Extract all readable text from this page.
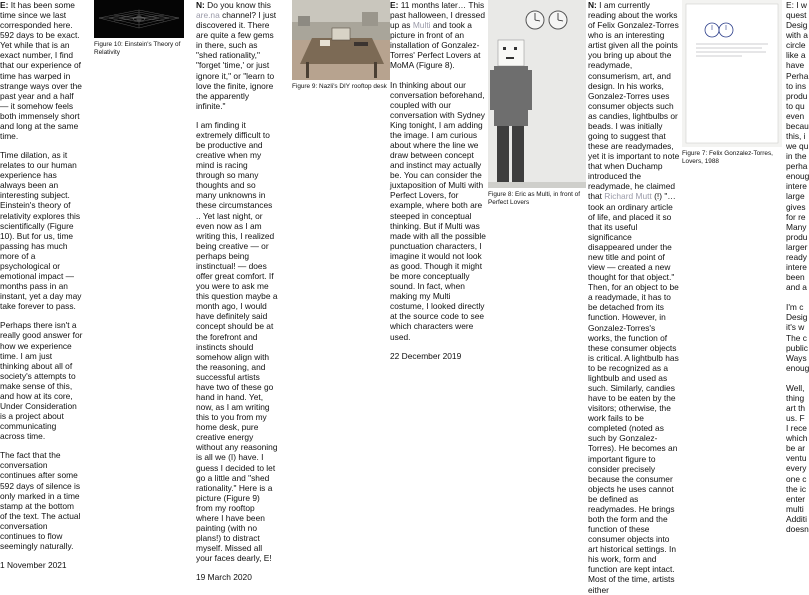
E: It has been some time since we last corresponded here. 592 days to be exact. Yet while that is an exact number, I find that our experience of time has warped in strange ways over the past year and a half — it somehow feels both immensely short and long at the same time.

Time dilation, as it relates to our human experience has always been an interesting subject. Einstein's theory of relativity explores this scientifically (Figure 10). But for us, time passing has much more of a psychological or emotional impact — months pass in an instant, yet a day may take forever to pass.

Perhaps there isn't a really good answer for how we experience time. I am just thinking about all of society's attempts to make sense of this, and how at its core, Under Consideration is a project about communicating across time.

The fact that the conversation continues after some 592 days of silence is only marked in a time stamp at the bottom of the text. The actual conversation continues to flow seemingly naturally.

1 November 2021

Figure 10: Einstein's Theory of Relativity

N: Do you know this are.na channel? I just discovered it. There are quite a few gems in there, such as "shed rationality," "forget 'time,' or just ignore it," or "learn to love the finite, ignore the apparently infinite."

I am finding it extremely difficult to be productive and creative when my mind is racing through so many thoughts and so many unknowns in these circumstances .. Yet last night, or even now as I am writing this, I realized being creative — or perhaps being instinctual! — does offer great comfort. If you were to ask me this question maybe a month ago, I would have definitely said concept should be at the forefront and instincts should somehow align with the reasoning, and successful artists have two of these go hand in hand. Yet, now, as I am writing this to you from my home desk, pure creative energy without any reasoning is all we (I) have. I guess I decided to let go a little and "shed rationality." Here is a picture (Figure 9) from my rooftop where I have been painting (with no plans!) to distract myself. Missed all your faces dearly, E!

19 March 2020

Figure 9: Nazli's DIY rooftop desk

E: 11 months later… This past halloween, I dressed up as Multi and took a picture in front of an installation of Gonzalez-Torres' Perfect Lovers at MoMA (Figure 8).

In thinking about our conversation beforehand, coupled with our conversation with Sydney King tonight, I am adding the image. I am curious about where the line we draw between concept and instinct may actually be. You can consider the juxtaposition of Multi with Perfect Lovers, for example, where both are steeped in conceptual thinking. But if Multi was made with all the possible punctuation characters, I imagine it would not look as good. Though it might be more conceptually sound. In fact, when making my Multi costume, I looked directly at the source code to see which characters were used.

22 December 2019

Figure 8: Eric as Multi, in front of Perfect Lovers

N: I am currently reading about the works of Felix Gonzalez-Torres who is an interesting artist given all the points you bring up about the readymade, consumerism, art, and design. In his works, Gonzalez-Torres uses consumer objects such as candies, lightbulbs or beads. I was initially going to suggest that these are readymades, yet it is important to note that when Duchamp introduced the readymade, he claimed that Richard Mutt (!) "…took an ordinary article of life, and placed it so that its useful significance disappeared under the new title and point of view — created a new thought for that object." Then, for an object to be a readymade, it has to be detached from its function. However, in Gonzalez-Torres's works, the function of these consumer objects is critical. A lightbulb has to be recognized as a lightbulb and used as such. Similarly, candies have to be eaten by the visitors; otherwise, the work fails to be completed (noted as such by Gonzalez-Torres). He becomes an important figure to consider precisely because the consumer objects he uses cannot be defined as readymades. He brings both the form and the function of these consumer objects into art historical settings. In his work, form and function are kept intact. Most of the time, artists either

Figure 7: Felix Gonzalez-Torres, Lovers, 1988
E: I w
quest
Desig
with a
circle
like a
have
Perha
to ins
produ
to qu
even
becau
this, i
we qu
in the
perha
enoug
intere
large
gives
for re
Many
produ
larger
ready
intere
been
and a
I'm c
Desig
it's w
The c
public
Ways
enoug
Well,
thing
art th
us. F
I rece
which
be ar
ventu
every
one c
the ic
enter
multi
Additi
doesn
